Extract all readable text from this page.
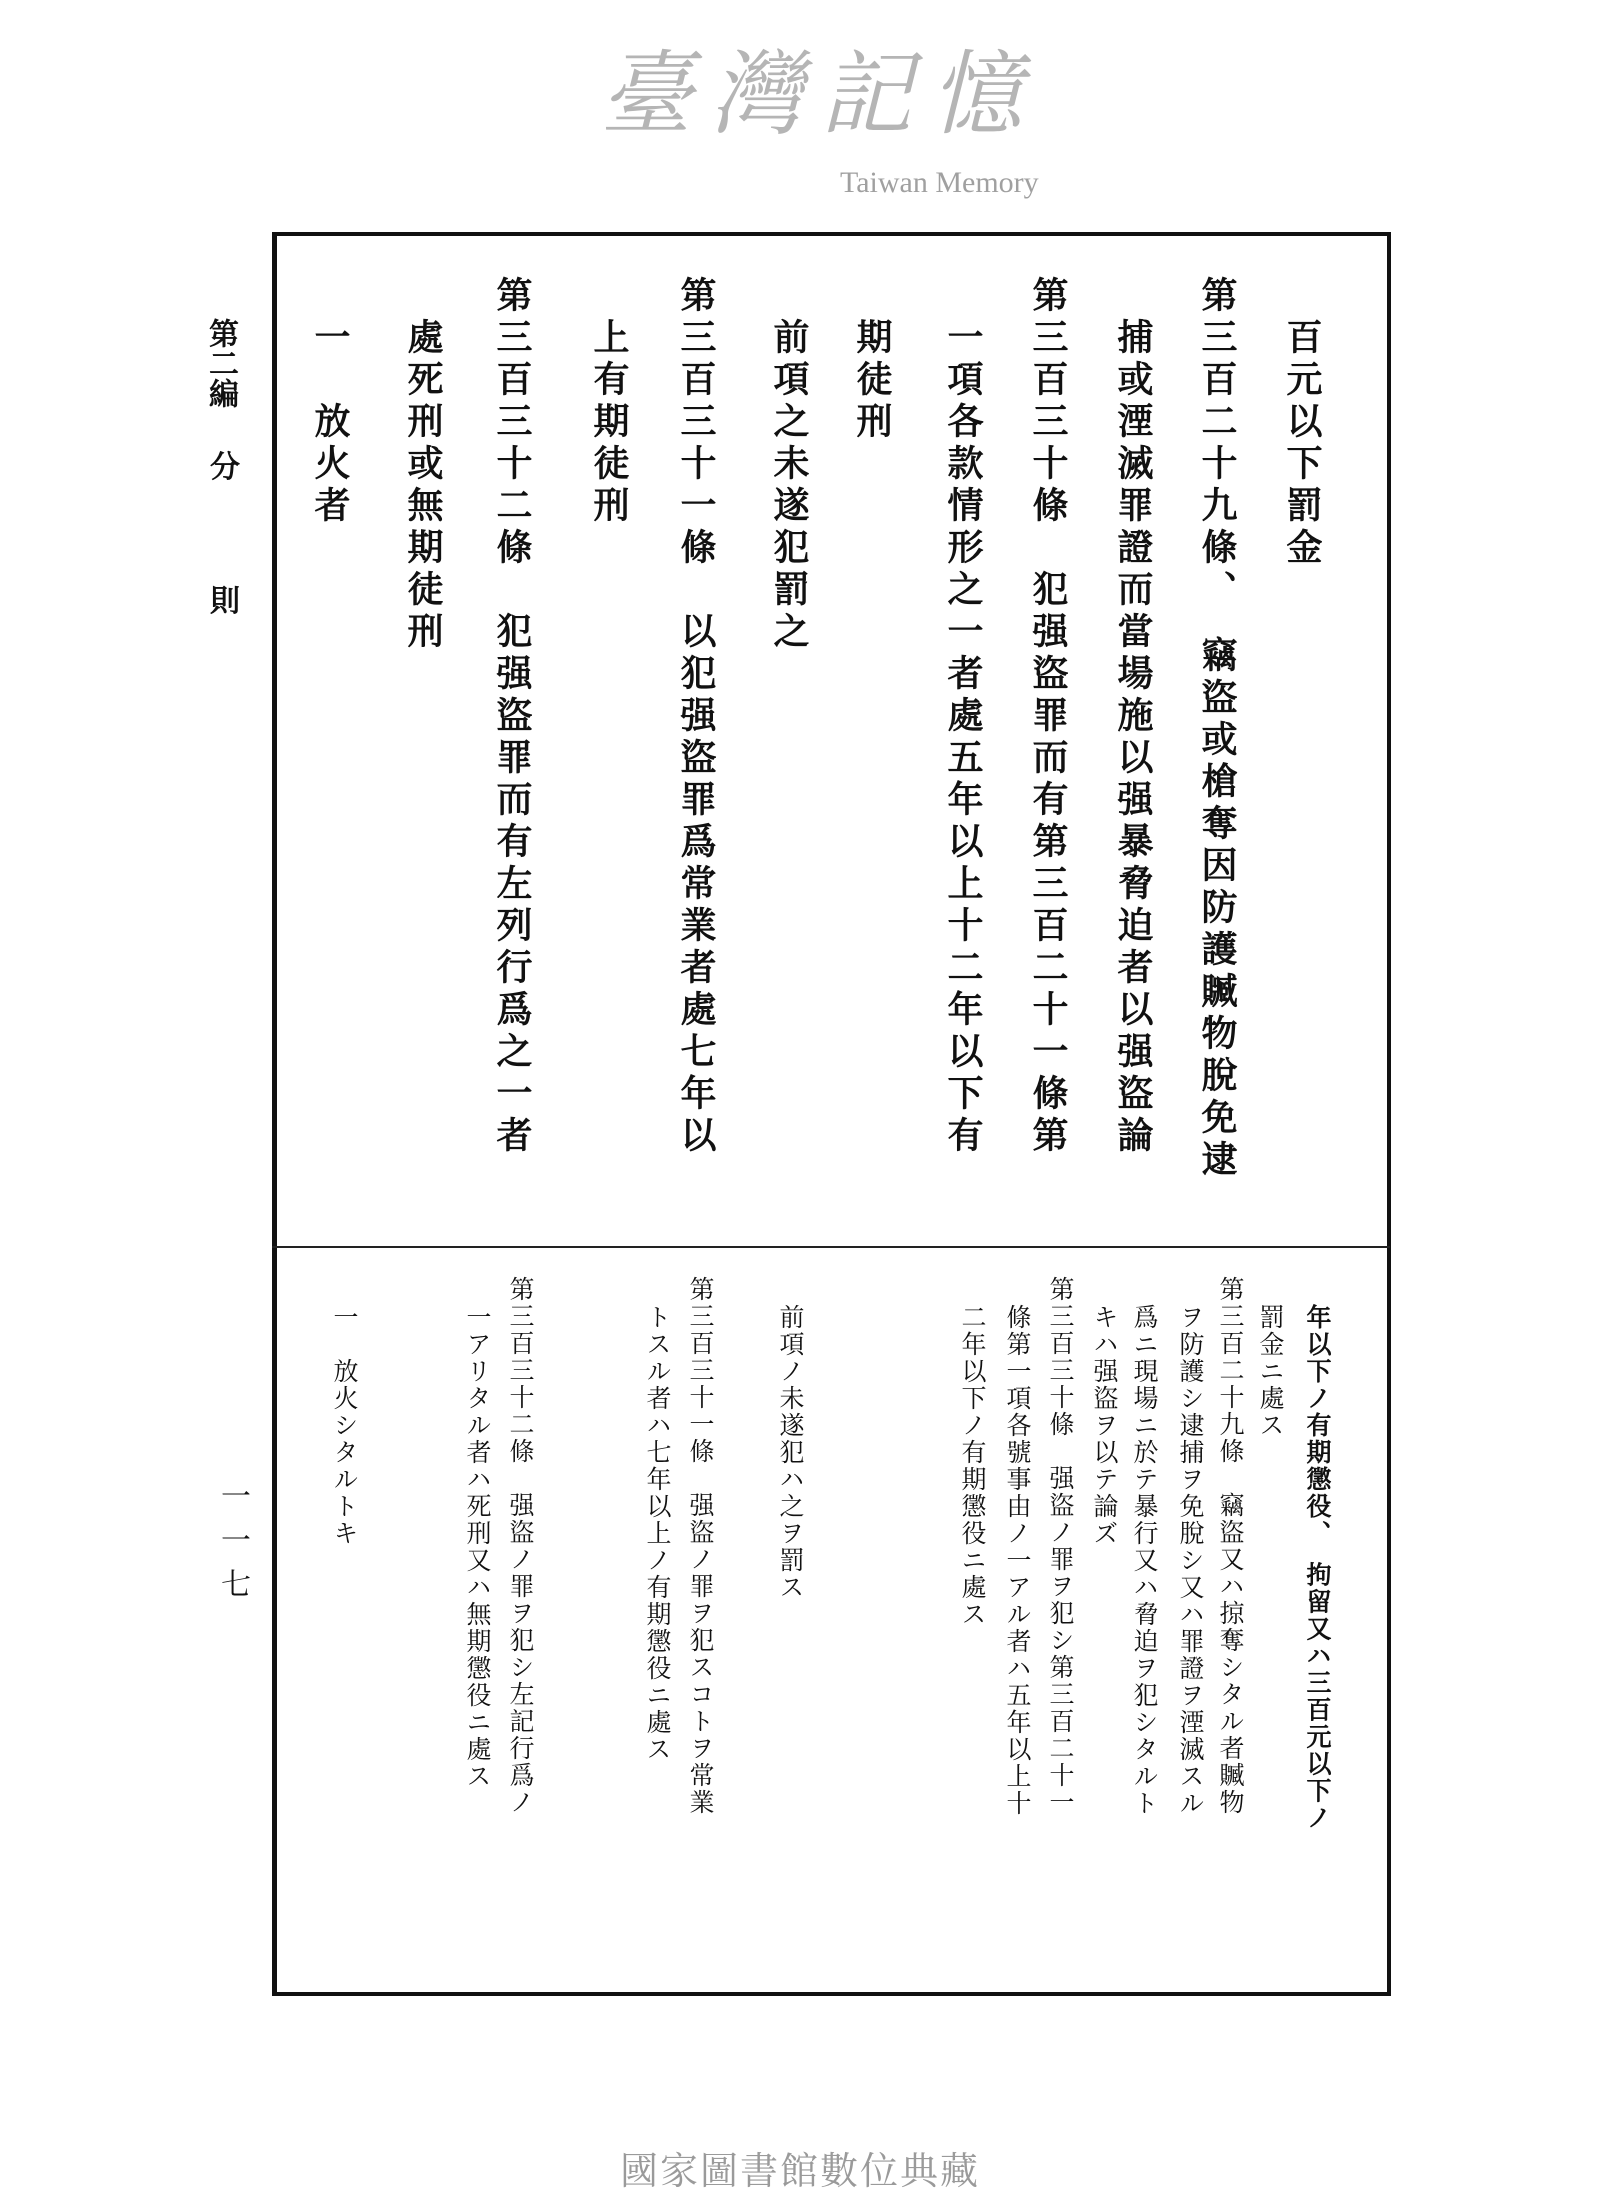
臺灣記憶
Taiwan Memory
第二編
分
則
一一七
百元以下罰金
第三百二十九條、　竊盜或槍奪因防護贓物脫免逮
捕或湮滅罪證而當場施以强暴脅迫者以强盜論
第三百三十條　犯强盜罪而有第三百二十一條第
一項各款情形之一者處五年以上十二年以下有
期徒刑
前項之未遂犯罰之
第三百三十一條　以犯强盜罪爲常業者處七年以
上有期徒刑
第三百三十二條　犯强盜罪而有左列行爲之一者
處死刑或無期徒刑
一　放火者
年以下ノ有期懲役、　拘留又ハ三百元以下ノ
罰金ニ處ス
第三百二十九條　竊盜又ハ掠奪シタル者贓物
ヲ防護シ逮捕ヲ免脫シ又ハ罪證ヲ湮滅スル
爲ニ現場ニ於テ暴行又ハ脅迫ヲ犯シタルト
キハ强盜ヲ以テ論ズ
第三百三十條　强盜ノ罪ヲ犯シ第三百二十一
條第一項各號事由ノ一アル者ハ五年以上十
二年以下ノ有期懲役ニ處ス
前項ノ未遂犯ハ之ヲ罰ス
第三百三十一條　强盜ノ罪ヲ犯スコトヲ常業
トスル者ハ七年以上ノ有期懲役ニ處ス
第三百三十二條　强盜ノ罪ヲ犯シ左記行爲ノ
一アリタル者ハ死刑又ハ無期懲役ニ處ス
一　放火シタルトキ
國家圖書館數位典藏
